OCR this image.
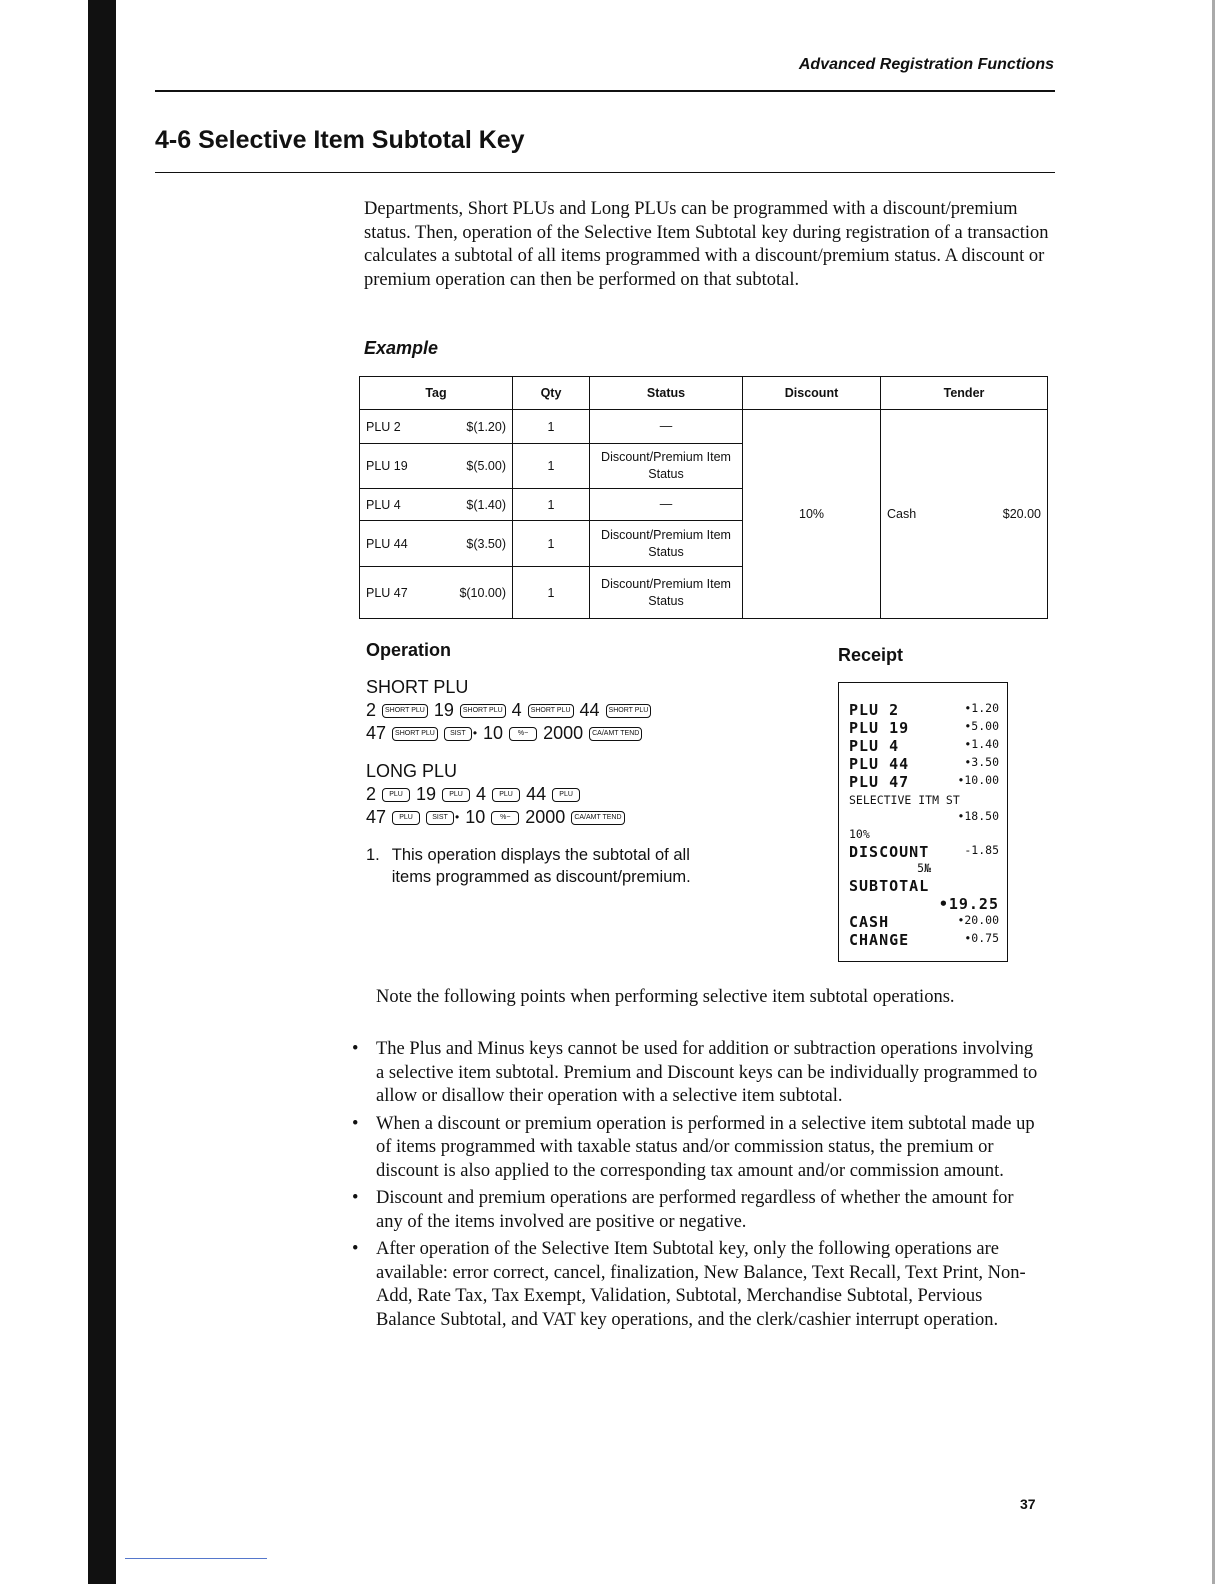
Advanced Registration Functions
4-6 Selective Item Subtotal Key

Departments, Short PLUs and Long PLUs can be programmed with a discount/premium status. Then, operation of the Selective Item Subtotal key during registration of a transaction calculates a subtotal of all items programmed with a discount/premium status. A discount or premium operation can then be performed on that subtotal.

Example
Tag	Qty	Status	Discount	Tender

PLU 2 $(1.20)	1	—	10%	Cash $20.00

PLU 19 $(5.00)	1	Discount/Premium Item Status		

PLU 4 $(1.40)	1	—		

PLU 44 $(3.50)	1	Discount/Premium Item Status		

PLU 47 $(10.00)	1	Discount/Premium Item Status		
Operation	Receipt
SHORT PLU
2	SHORT PLU 19	SHORT PLU 4	SHORT PLU 44	SHORT PLU
47	SHORT PLU	SIST • 10	%− 2000	CA/AMT TEND
LONG PLU
2	PLU 19	PLU 4	PLU 44	PLU
47	PLU	SIST • 10	%− 2000	CA/AMT TEND
1. This operation displays the subtotal of all items programmed as discount/premium.
PLU 2	•1.20
PLU 19	•5.00
PLU 4	•1.40
PLU 44	•3.50
PLU 47	•10.00
SELECTIVE ITM ST
•18.50
10%
DISCOUNT	-1.85
5№
SUBTOTAL
•19.25
CASH	•20.00
CHANGE	•0.75

Note the following points when performing selective item subtotal operations.

• The Plus and Minus keys cannot be used for addition or subtraction operations involving a selective item subtotal. Premium and Discount keys can be individually programmed to allow or disallow their operation with a selective item subtotal.
• When a discount or premium operation is performed in a selective item subtotal made up of items programmed with taxable status and/or commission status, the premium or discount is also applied to the corresponding tax amount and/or commission amount.
• Discount and premium operations are performed regardless of whether the amount for any of the items involved are positive or negative.
• After operation of the Selective Item Subtotal key, only the following operations are available: error correct, cancel, finalization, New Balance, Text Recall, Text Print, Non-Add, Rate Tax, Tax Exempt, Validation, Subtotal, Merchandise Subtotal, Pervious Balance Subtotal, and VAT key operations, and the clerk/cashier interrupt operation.
37
